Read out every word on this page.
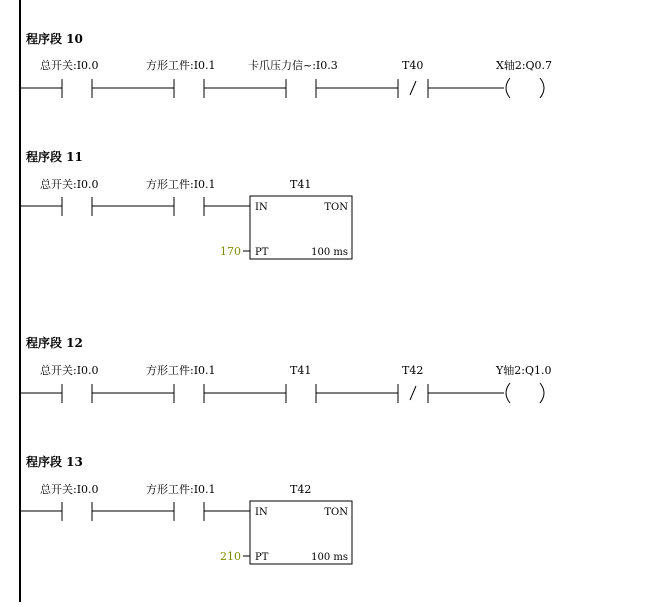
程序段 10
总开关:I0.0	方形工件:I0.1	卡爪压力信~:I0.3	T40	X轴2:Q0.7
程序段 11
总开关:I0.0	方形工件:I0.1	T41
IN	TON
PT	100 ms
170
程序段 12
总开关:I0.0	方形工件:I0.1	T41	T42	Y轴2:Q1.0
程序段 13
总开关:I0.0	方形工件:I0.1	T42
IN	TON
PT	100 ms
210
